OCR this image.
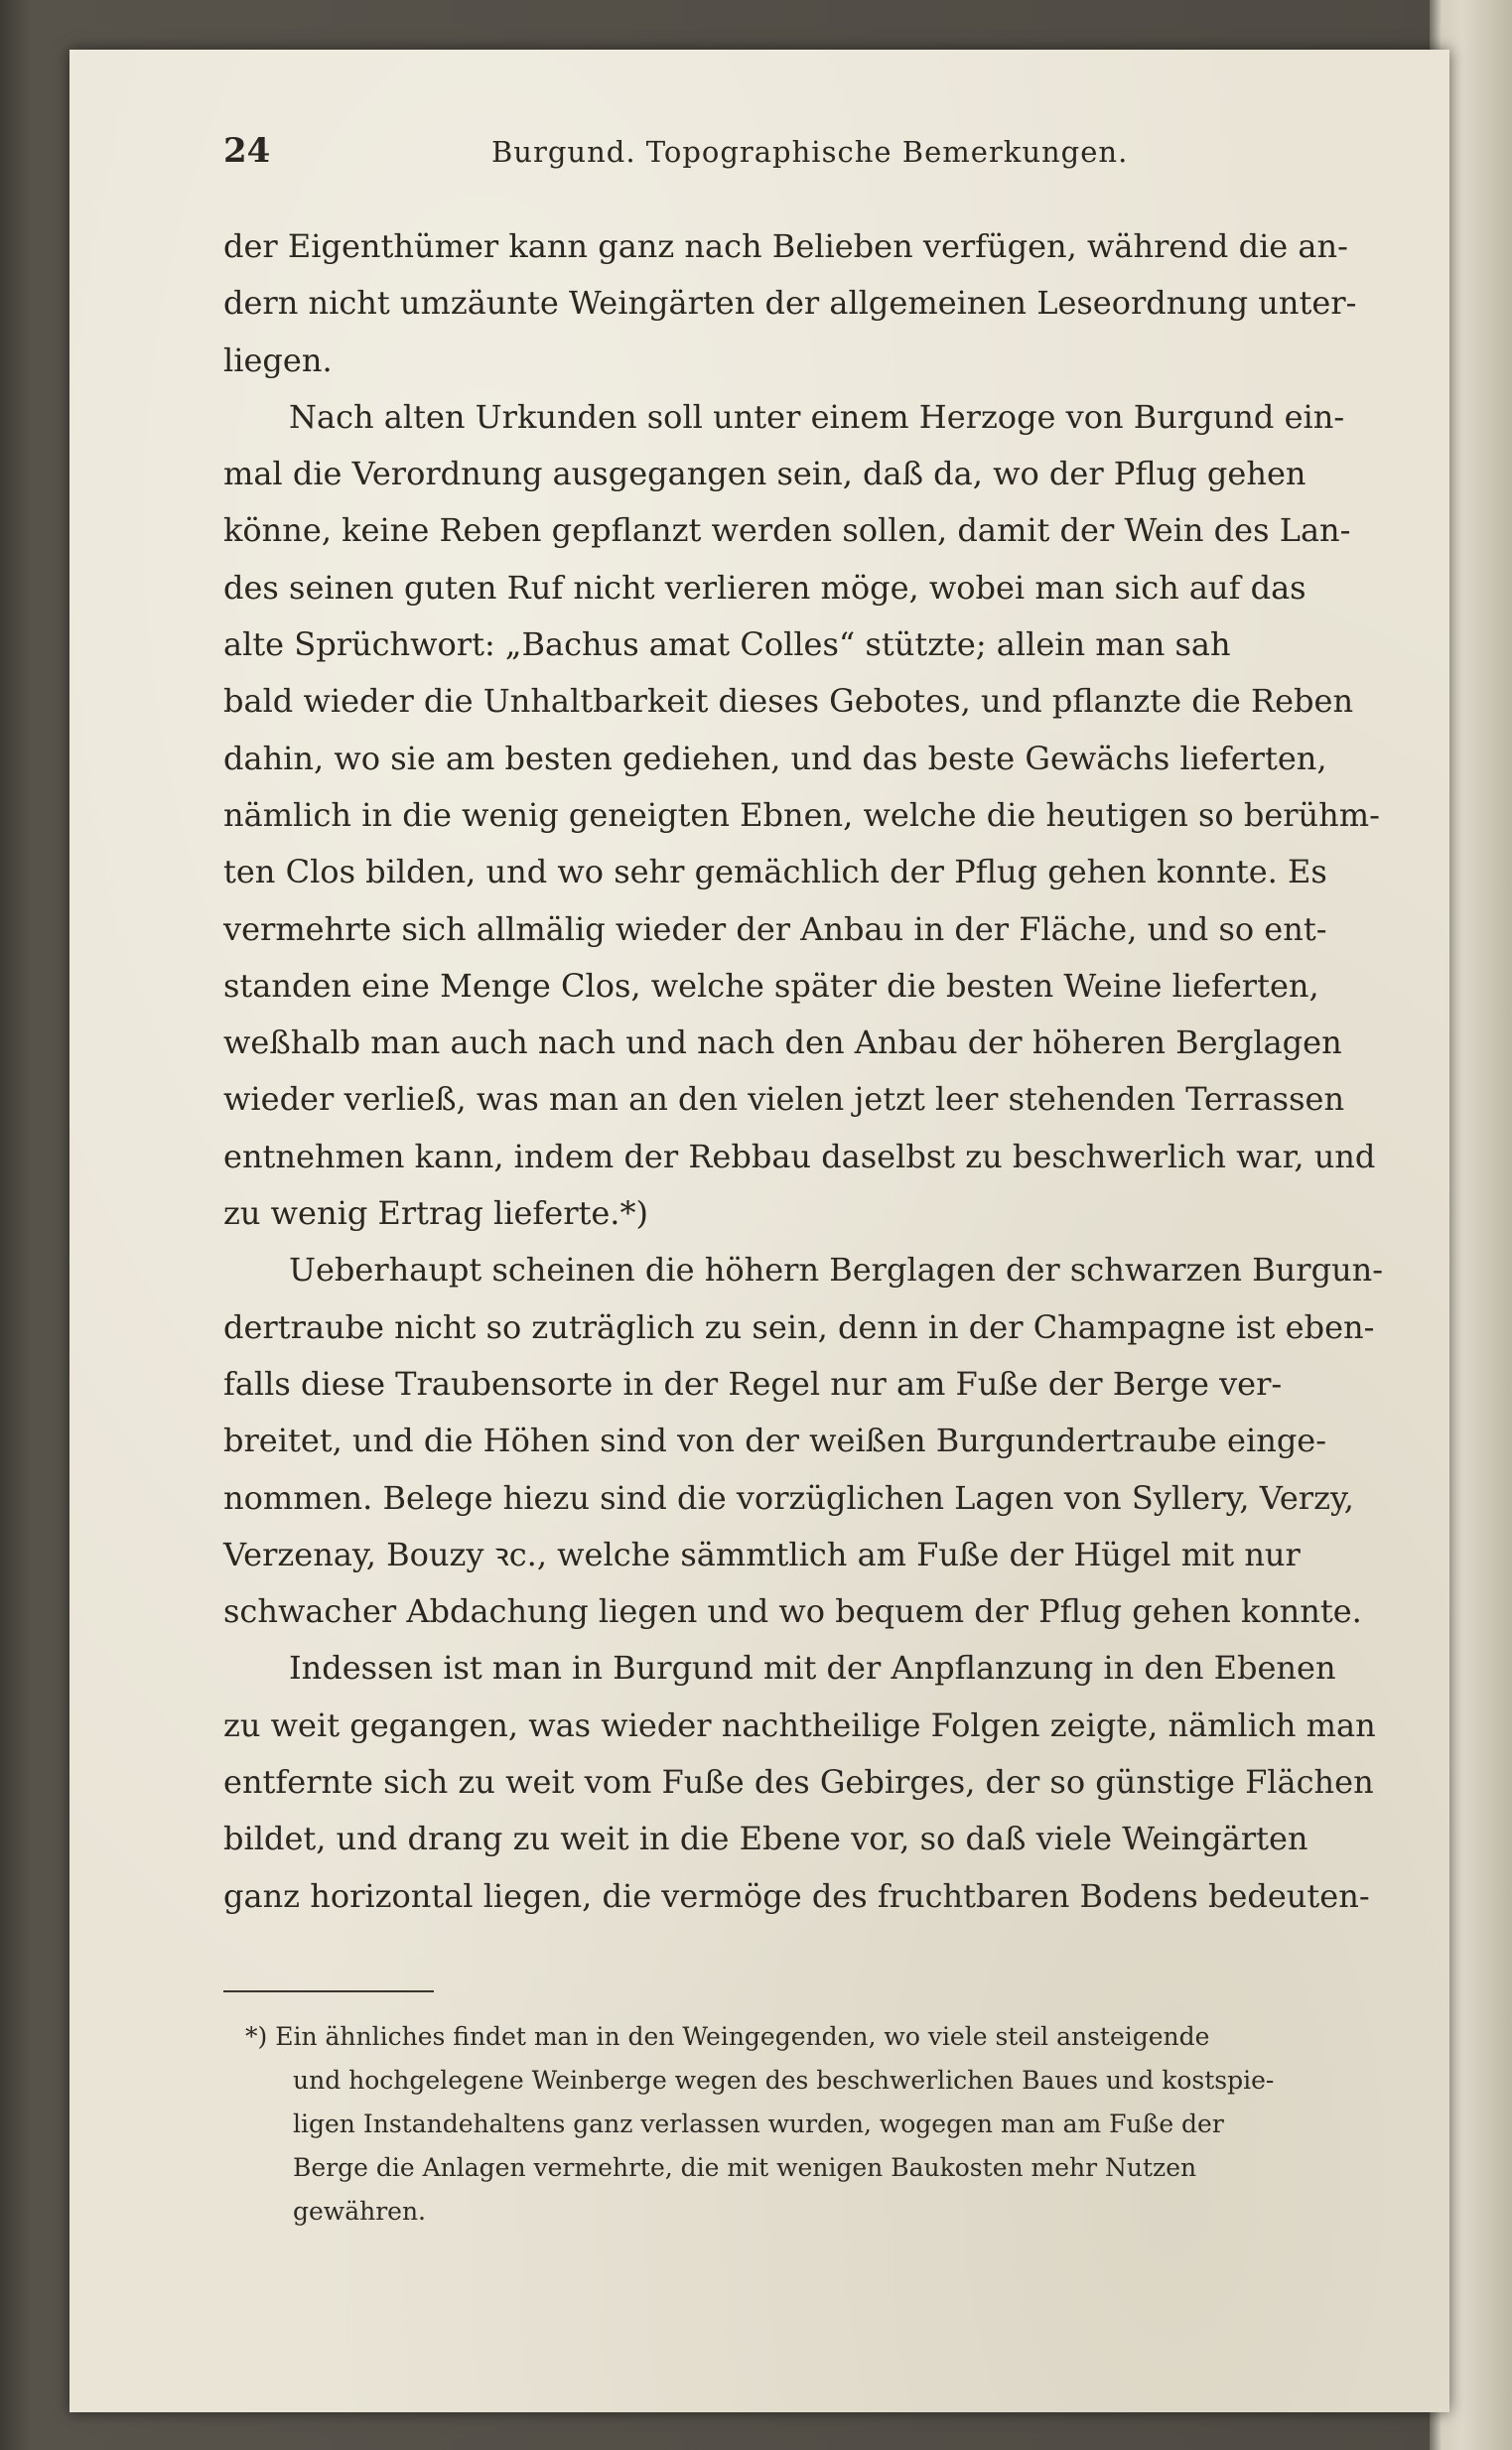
24	Burgund. Topographische Bemerkungen.
der Eigenthümer kann ganz nach Belieben verfügen, während die an-
dern nicht umzäunte Weingärten der allgemeinen Leseordnung unter-
liegen.
Nach alten Urkunden soll unter einem Herzoge von Burgund ein-
mal die Verordnung ausgegangen sein, daß da, wo der Pflug gehen
könne, keine Reben gepflanzt werden sollen, damit der Wein des Lan-
des seinen guten Ruf nicht verlieren möge, wobei man sich auf das
alte Sprüchwort: „Bachus amat Colles“ stützte; allein man sah
bald wieder die Unhaltbarkeit dieses Gebotes, und pflanzte die Reben
dahin, wo sie am besten gediehen, und das beste Gewächs lieferten,
nämlich in die wenig geneigten Ebnen, welche die heutigen so berühm-
ten Clos bilden, und wo sehr gemächlich der Pflug gehen konnte. Es
vermehrte sich allmälig wieder der Anbau in der Fläche, und so ent-
standen eine Menge Clos, welche später die besten Weine lieferten,
weßhalb man auch nach und nach den Anbau der höheren Berglagen
wieder verließ, was man an den vielen jetzt leer stehenden Terrassen
entnehmen kann, indem der Rebbau daselbst zu beschwerlich war, und
zu wenig Ertrag lieferte.*)
Ueberhaupt scheinen die höhern Berglagen der schwarzen Burgun-
dertraube nicht so zuträglich zu sein, denn in der Champagne ist eben-
falls diese Traubensorte in der Regel nur am Fuße der Berge ver-
breitet, und die Höhen sind von der weißen Burgundertraube einge-
nommen. Belege hiezu sind die vorzüglichen Lagen von Syllery, Verzy,
Verzenay, Bouzy ꝛc., welche sämmtlich am Fuße der Hügel mit nur
schwacher Abdachung liegen und wo bequem der Pflug gehen konnte.
Indessen ist man in Burgund mit der Anpflanzung in den Ebenen
zu weit gegangen, was wieder nachtheilige Folgen zeigte, nämlich man
entfernte sich zu weit vom Fuße des Gebirges, der so günstige Flächen
bildet, und drang zu weit in die Ebene vor, so daß viele Weingärten
ganz horizontal liegen, die vermöge des fruchtbaren Bodens bedeuten-
*) Ein ähnliches findet man in den Weingegenden, wo viele steil ansteigende
und hochgelegene Weinberge wegen des beschwerlichen Baues und kostspie-
ligen Instandehaltens ganz verlassen wurden, wogegen man am Fuße der
Berge die Anlagen vermehrte, die mit wenigen Baukosten mehr Nutzen
gewähren.
